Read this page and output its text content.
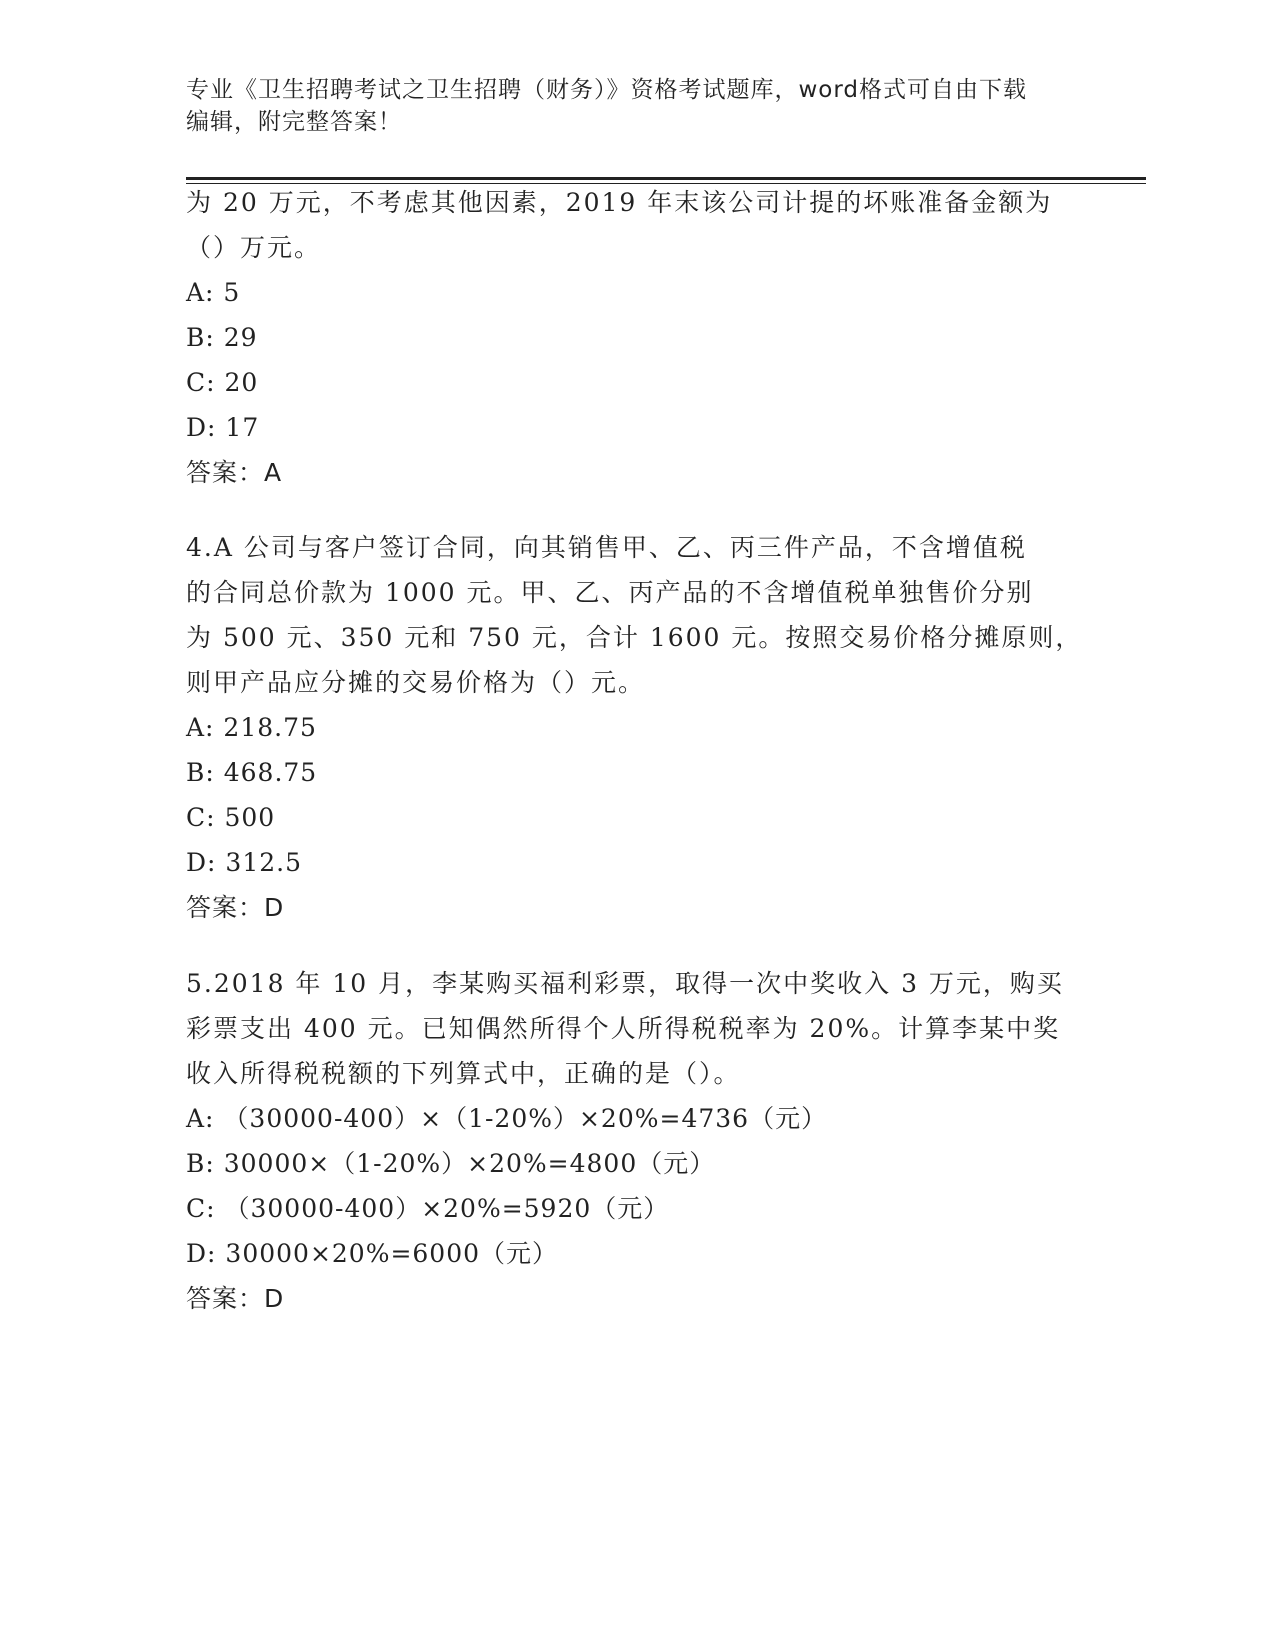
专业《卫生招聘考试之卫生招聘（财务）》资格考试题库，word格式可自由下载
编辑，附完整答案！
为 20 万元，不考虑其他因素，2019 年末该公司计提的坏账准备金额为
（）万元。
A: 5
B: 29
C: 20
D: 17
答案：A
4.A 公司与客户签订合同，向其销售甲、乙、丙三件产品，不含增值税
的合同总价款为 1000 元。甲、乙、丙产品的不含增值税单独售价分别
为 500 元、350 元和 750 元，合计 1600 元。按照交易价格分摊原则，
则甲产品应分摊的交易价格为（）元。
A: 218.75
B: 468.75
C: 500
D: 312.5
答案：D
5.2018 年 10 月，李某购买福利彩票，取得一次中奖收入 3 万元，购买
彩票支出 400 元。已知偶然所得个人所得税税率为 20%。计算李某中奖
收入所得税税额的下列算式中，正确的是（）。
A: （30000-400）×（1-20%）×20%=4736（元）
B: 30000×（1-20%）×20%=4800（元）
C: （30000-400）×20%=5920（元）
D: 30000×20%=6000（元）
答案：D
